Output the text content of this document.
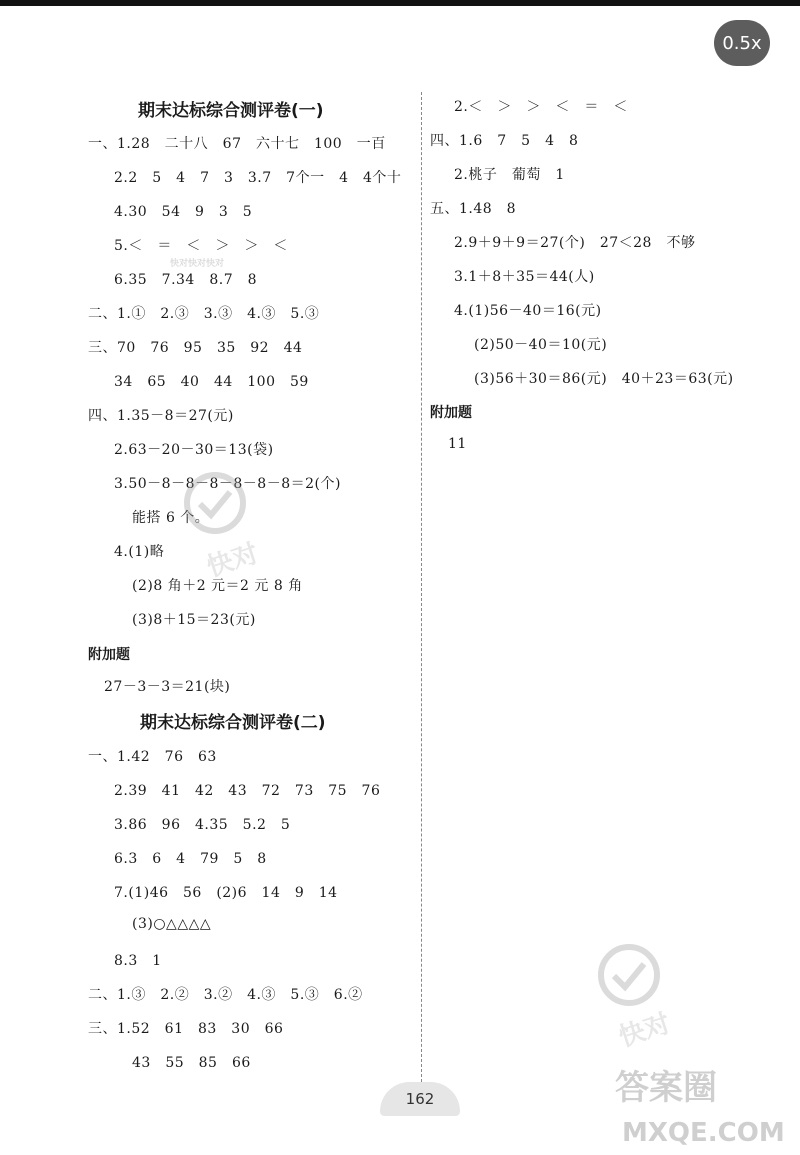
0.5x
期末达标综合测评卷(一)
一、1.28　二十八　67　六十七　100　一百
2.2　5　4　7　3　3.7　7个一　4　4个十
4.30　54　9　3　5
5.＜　＝　＜　＞　＞　＜
6.35　7.34　8.7　8
二、1.①　2.③　3.③　4.③　5.③
三、70　76　95　35　92　44
34　65　40　44　100　59
四、1.35－8＝27(元)
2.63－20－30＝13(袋)
3.50－8－8－8－8－8－8＝2(个)
能搭 6 个。
4.(1)略
(2)8 角＋2 元＝2 元 8 角
(3)8＋15＝23(元)
附加题
27－3－3＝21(块)
期末达标综合测评卷(二)
一、1.42　76　63
2.39　41　42　43　72　73　75　76
3.86　96　4.35　5.2　5
6.3　6　4　79　5　8
7.(1)46　56　(2)6　14　9　14
(3)○△△△△
8.3　1
二、1.③　2.②　3.②　4.③　5.③　6.②
三、1.52　61　83　30　66
43　55　85　66
2.＜　＞　＞　＜　＝　＜
四、1.6　7　5　4　8
2.桃子　葡萄　1
五、1.48　8
2.9＋9＋9＝27(个)　27＜28　不够
3.1＋8＋35＝44(人)
4.(1)56－40＝16(元)
(2)50－40＝10(元)
(3)56＋30＝86(元)　40＋23＝63(元)
附加题
11
162
快对
快对
快对快对快对
答案圈
MXQE.COM
